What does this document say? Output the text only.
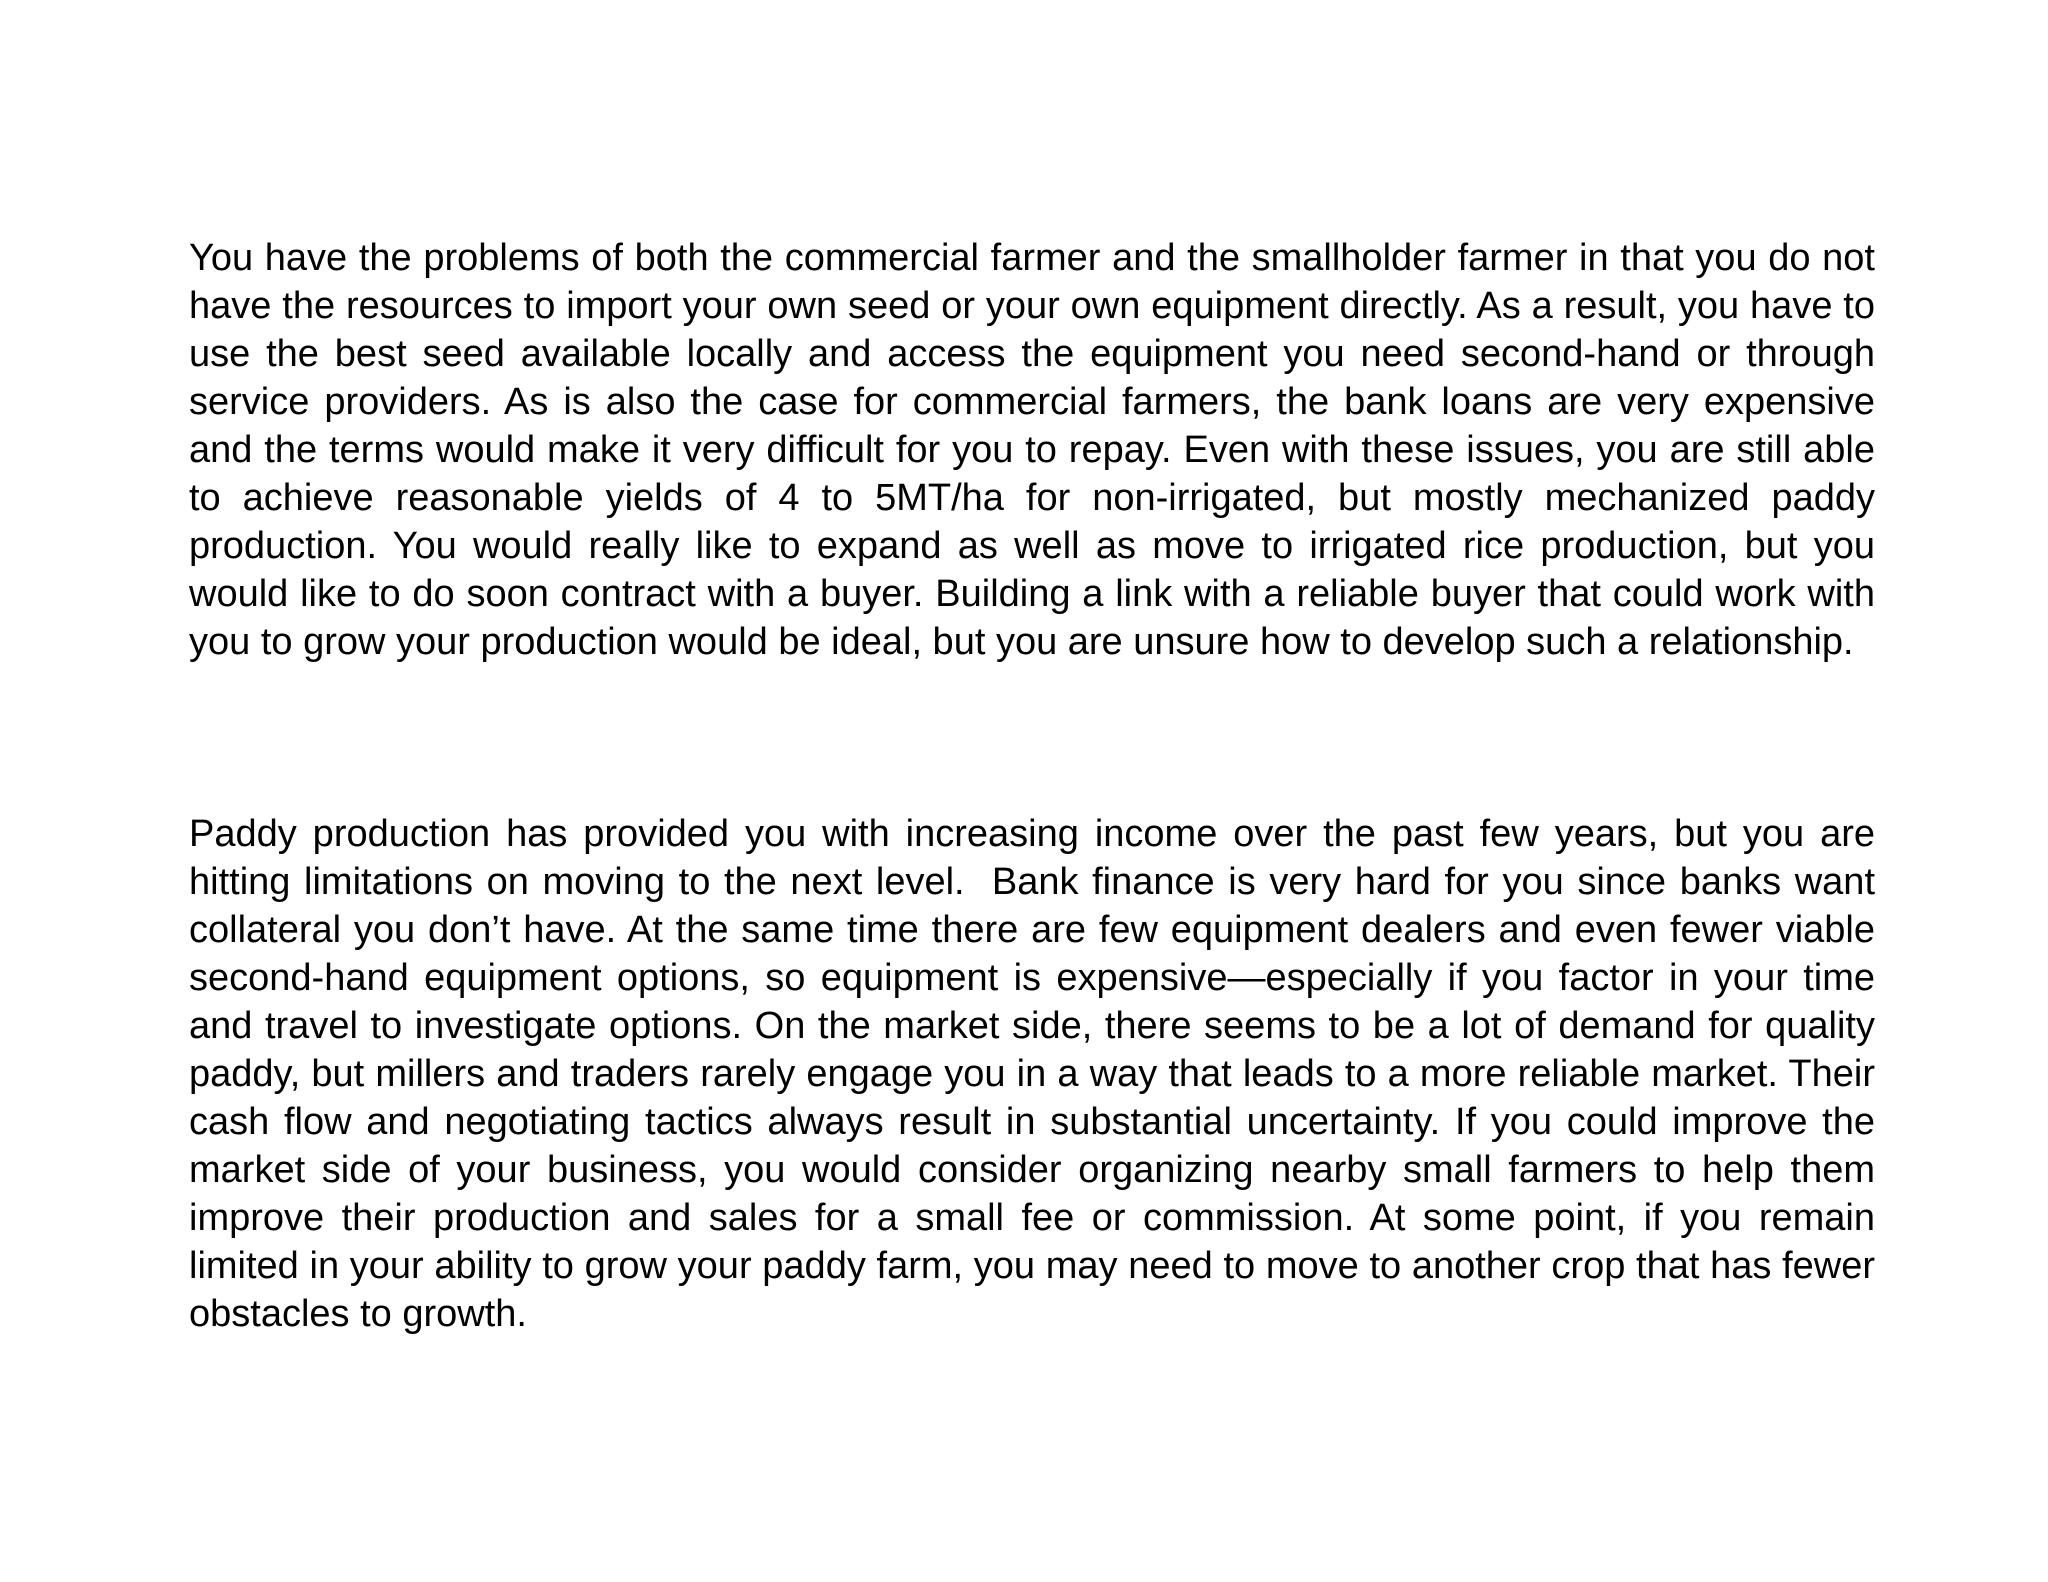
You have the problems of both the commercial farmer and the smallholder farmer in that you do not have the resources to import your own seed or your own equipment directly. As a result, you have to use the best seed available locally and access the equipment you need second-hand or through service providers. As is also the case for commercial farmers, the bank loans are very expensive and the terms would make it very difficult for you to repay. Even with these issues, you are still able to achieve reasonable yields of 4 to 5MT/ha for non-irrigated, but mostly mechanized paddy production. You would really like to expand as well as move to irrigated rice production, but you would like to do soon contract with a buyer. Building a link with a reliable buyer that could work with you to grow your production would be ideal, but you are unsure how to develop such a relationship.

Paddy production has provided you with increasing income over the past few years, but you are hitting limitations on moving to the next level.  Bank finance is very hard for you since banks want collateral you don’t have. At the same time there are few equipment dealers and even fewer viable second-hand equipment options, so equipment is expensive—especially if you factor in your time and travel to investigate options. On the market side, there seems to be a lot of demand for quality paddy, but millers and traders rarely engage you in a way that leads to a more reliable market. Their cash flow and negotiating tactics always result in substantial uncertainty. If you could improve the market side of your business, you would consider organizing nearby small farmers to help them improve their production and sales for a small fee or commission. At some point, if you remain limited in your ability to grow your paddy farm, you may need to move to another crop that has fewer obstacles to growth.
